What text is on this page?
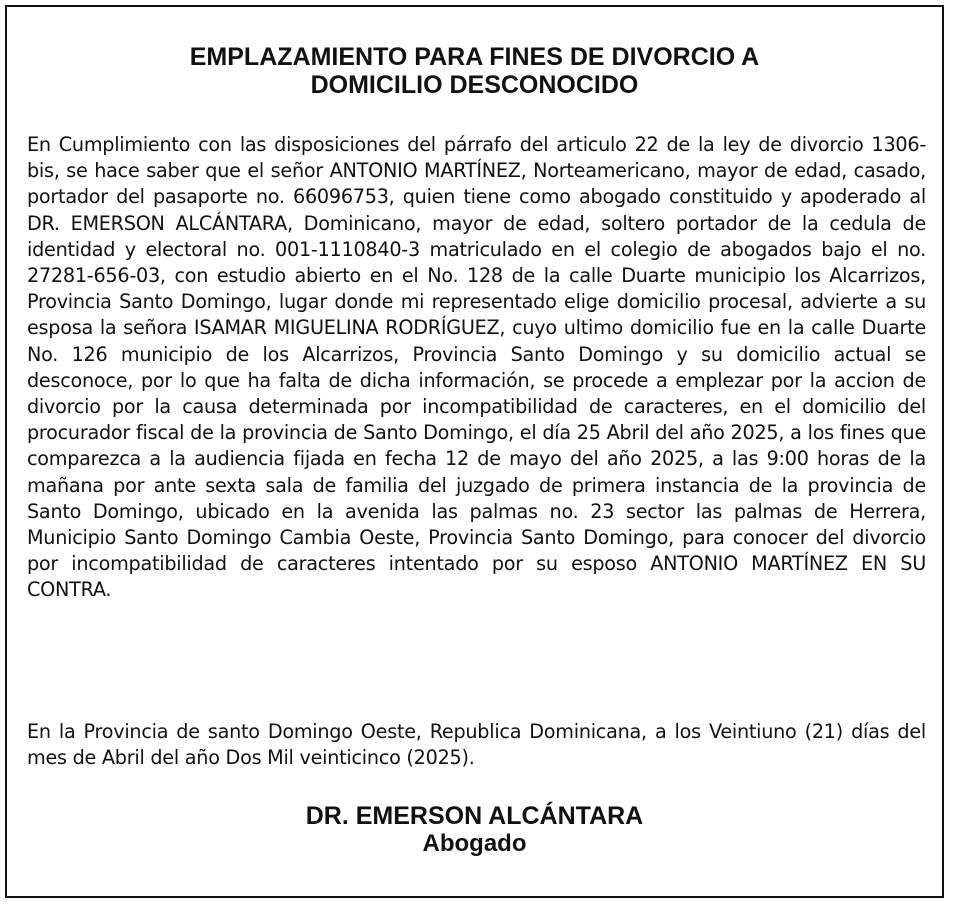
EMPLAZAMIENTO PARA FINES DE DIVORCIO A
DOMICILIO DESCONOCIDO

En Cumplimiento con las disposiciones del párrafo del articulo 22 de la ley de divorcio 1306-bis, se hace saber que el señor ANTONIO MARTÍNEZ, Norteamericano, mayor de edad, casado, portador del pasaporte no. 66096753, quien tiene como abogado constituido y apoderado al DR. EMERSON ALCÁNTARA, Dominicano, mayor de edad, soltero portador de la cedula de identidad y electoral no. 001-1110840-3 matriculado en el colegio de abogados bajo el no. 27281-656-03, con estudio abierto en el No. 128 de la calle Duarte municipio los Alcarrizos, Provincia Santo Domingo, lugar donde mi representado elige domicilio procesal, advierte a su esposa la señora ISAMAR MIGUELINA RODRÍGUEZ, cuyo ultimo domicilio fue en la calle Duarte No. 126 municipio de los Alcarrizos, Provincia Santo Domingo y su domicilio actual se desconoce, por lo que ha falta de dicha información, se procede a emplezar por la accion de divorcio por la causa determinada por incompatibilidad de caracteres, en el domicilio del procurador fiscal de la provincia de Santo Domingo, el día 25 Abril del año 2025, a los fines que comparezca a la audiencia fijada en fecha 12 de mayo del año 2025, a las 9:00 horas de la mañana por ante sexta sala de familia del juzgado de primera instancia de la provincia de Santo Domingo, ubicado en la avenida las palmas no. 23 sector las palmas de Herrera, Municipio Santo Domingo Cambia Oeste, Provincia Santo Domingo, para conocer del divorcio por incompatibilidad de caracteres intentado por su esposo ANTONIO MARTÍNEZ EN SU CONTRA.

En la Provincia de santo Domingo Oeste, Republica Dominicana, a los Veintiuno (21) días del mes de Abril del año Dos Mil veinticinco (2025).

DR. EMERSON ALCÁNTARA
Abogado
